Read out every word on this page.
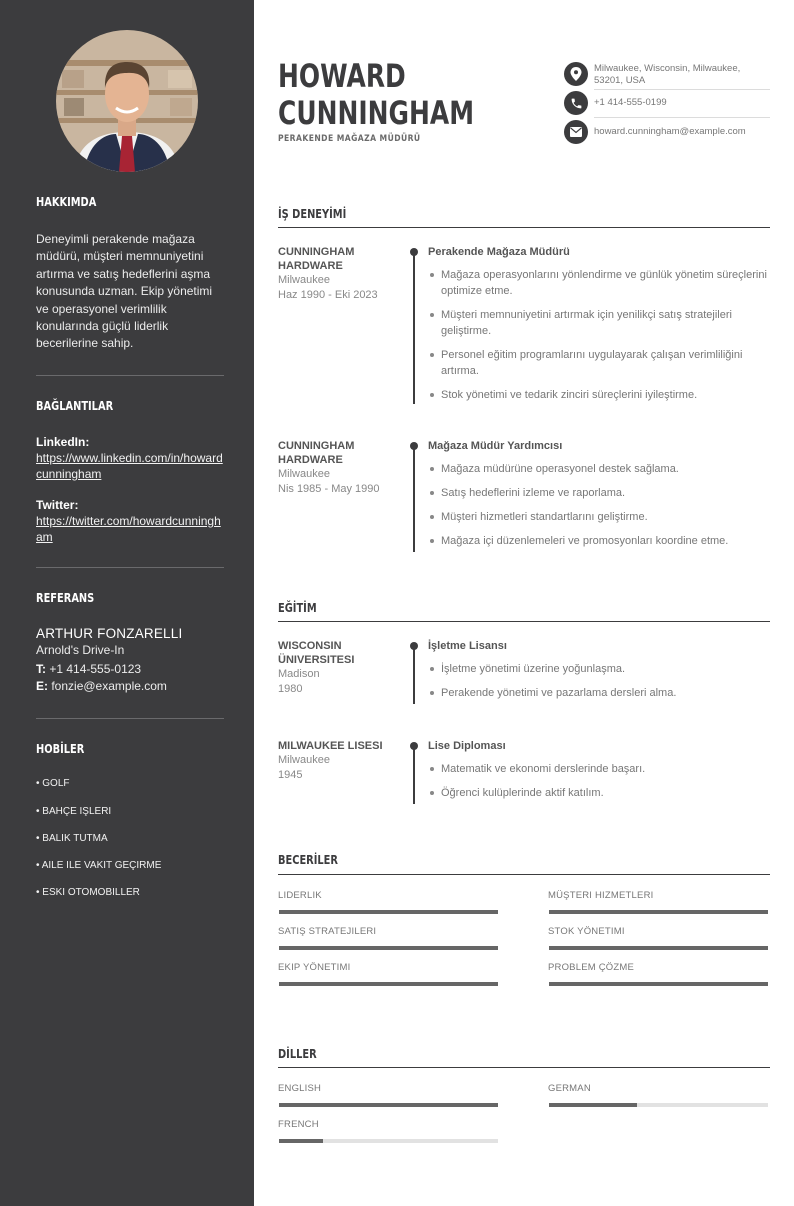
HAKKIMDA

Deneyimli perakende mağaza müdürü, müşteri memnuniyetini artırma ve satış hedeflerini aşma konusunda uzman. Ekip yönetimi ve operasyonel verimlilik konularında güçlü liderlik becerilerine sahip.

BAĞLANTILAR
LinkedIn:
https://www.linkedin.com/in/howardcunningham
Twitter:
https://twitter.com/howardcunningham
REFERANS
ARTHUR FONZARELLI
Arnold's Drive-In
T: +1 414-555-0123
E: fonzie@example.com
HOBİLER
• GOLF
• BAHÇE IŞLERI
• BALIK TUTMA
• AILE ILE VAKIT GEÇIRME
• ESKI OTOMOBILLER
HOWARD
CUNNINGHAM
PERAKENDE MAĞAZA MÜDÜRÜ
Milwaukee, Wisconsin, Milwaukee, 53201, USA
+1 414-555-0199
howard.cunningham@example.com
İŞ DENEYİMİ
CUNNINGHAM HARDWARE
Milwaukee
Haz 1990 - Eki 2023
Perakende Mağaza Müdürü
Mağaza operasyonlarını yönlendirme ve günlük yönetim süreçlerini optimize etme.
Müşteri memnuniyetini artırmak için yenilikçi satış stratejileri geliştirme.
Personel eğitim programlarını uygulayarak çalışan verimliliğini artırma.
Stok yönetimi ve tedarik zinciri süreçlerini iyileştirme.
CUNNINGHAM HARDWARE
Milwaukee
Nis 1985 - May 1990
Mağaza Müdür Yardımcısı
Mağaza müdürüne operasyonel destek sağlama.
Satış hedeflerini izleme ve raporlama.
Müşteri hizmetleri standartlarını geliştirme.
Mağaza içi düzenlemeleri ve promosyonları koordine etme.
EĞİTİM
WISCONSIN ÜNIVERSITESI
Madison
1980
İşletme Lisansı
İşletme yönetimi üzerine yoğunlaşma.
Perakende yönetimi ve pazarlama dersleri alma.
MILWAUKEE LISESI
Milwaukee
1945
Lise Diploması
Matematik ve ekonomi derslerinde başarı.
Öğrenci kulüplerinde aktif katılım.
BECERİLER
LIDERLIK	MÜŞTERI HIZMETLERI
SATIŞ STRATEJILERI	STOK YÖNETIMI
EKIP YÖNETIMI	PROBLEM ÇÖZME
DİLLER
ENGLISH	GERMAN
FRENCH
